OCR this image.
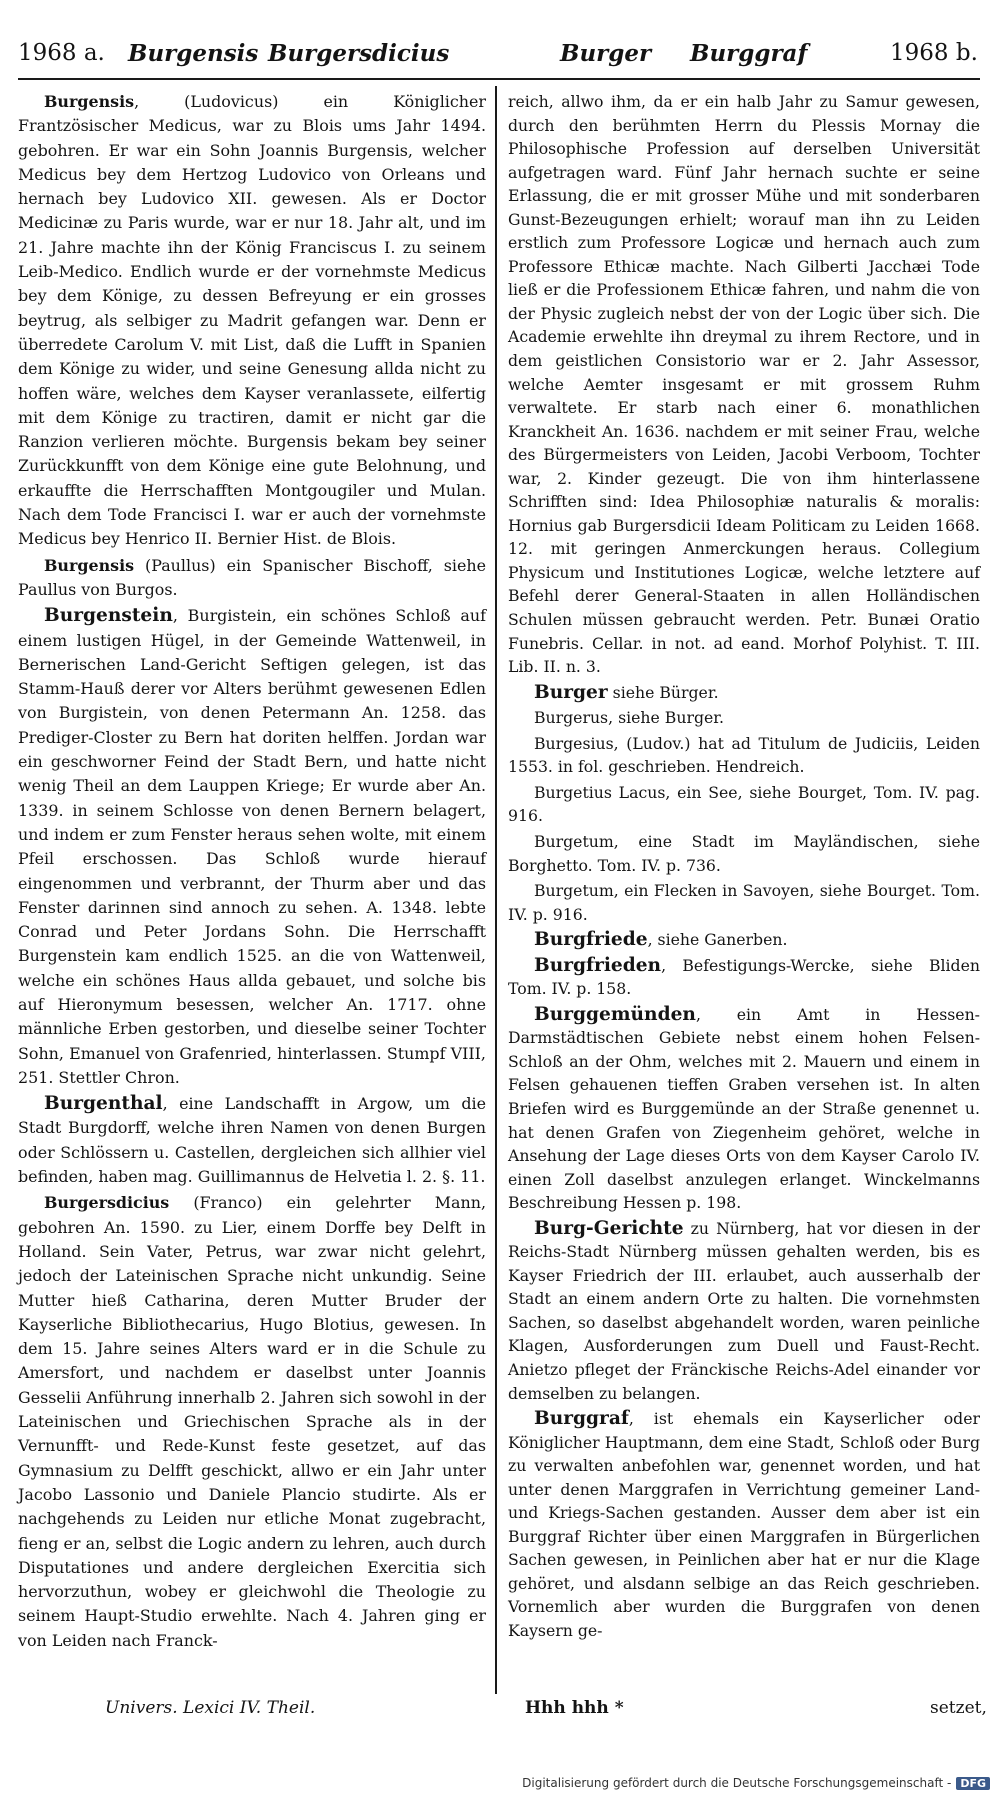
1968 a. Burgensis Burgersdicius	Burger Burggraf	1968 b.

Burgensis, (Ludovicus) ein Königlicher Frantzösischer Medicus, war zu Blois ums Jahr 1494. gebohren. Er war ein Sohn Joannis Burgensis, welcher Medicus bey dem Hertzog Ludovico von Orleans und hernach bey Ludovico XII. gewesen. Als er Doctor Medicinæ zu Paris wurde, war er nur 18. Jahr alt, und im 21. Jahre machte ihn der König Franciscus I. zu seinem Leib-Medico. Endlich wurde er der vornehmste Medicus bey dem Könige, zu dessen Befreyung er ein grosses beytrug, als selbiger zu Madrit gefangen war. Denn er überredete Carolum V. mit List, daß die Lufft in Spanien dem Könige zu wider, und seine Genesung allda nicht zu hoffen wäre, welches dem Kayser veranlassete, eilfertig mit dem Könige zu tractiren, damit er nicht gar die Ranzion verlieren möchte. Burgensis bekam bey seiner Zurückkunfft von dem Könige eine gute Belohnung, und erkauffte die Herrschafften Montgougiler und Mulan. Nach dem Tode Francisci I. war er auch der vornehmste Medicus bey Henrico II. Bernier Hist. de Blois.

Burgensis (Paullus) ein Spanischer Bischoff, siehe Paullus von Burgos.

Burgenstein, Burgistein, ein schönes Schloß auf einem lustigen Hügel, in der Gemeinde Wattenweil, in Bernerischen Land-Gericht Seftigen gelegen, ist das Stamm-Hauß derer vor Alters berühmt gewesenen Edlen von Burgistein, von denen Petermann An. 1258. das Prediger-Closter zu Bern hat doriten helffen. Jordan war ein geschworner Feind der Stadt Bern, und hatte nicht wenig Theil an dem Lauppen Kriege; Er wurde aber An. 1339. in seinem Schlosse von denen Bernern belagert, und indem er zum Fenster heraus sehen wolte, mit einem Pfeil erschossen. Das Schloß wurde hierauf eingenommen und verbrannt, der Thurm aber und das Fenster darinnen sind annoch zu sehen. A. 1348. lebte Conrad und Peter Jordans Sohn. Die Herrschafft Burgenstein kam endlich 1525. an die von Wattenweil, welche ein schönes Haus allda gebauet, und solche bis auf Hieronymum besessen, welcher An. 1717. ohne männliche Erben gestorben, und dieselbe seiner Tochter Sohn, Emanuel von Grafenried, hinterlassen. Stumpf VIII, 251. Stettler Chron.

Burgenthal, eine Landschafft in Argow, um die Stadt Burgdorff, welche ihren Namen von denen Burgen oder Schlössern u. Castellen, dergleichen sich allhier viel befinden, haben mag. Guillimannus de Helvetia l. 2. §. 11.

Burgersdicius (Franco) ein gelehrter Mann, gebohren An. 1590. zu Lier, einem Dorffe bey Delft in Holland. Sein Vater, Petrus, war zwar nicht gelehrt, jedoch der Lateinischen Sprache nicht unkundig. Seine Mutter hieß Catharina, deren Mutter Bruder der Kayserliche Bibliothecarius, Hugo Blotius, gewesen. In dem 15. Jahre seines Alters ward er in die Schule zu Amersfort, und nachdem er daselbst unter Joannis Gesselii Anführung innerhalb 2. Jahren sich sowohl in der Lateinischen und Griechischen Sprache als in der Vernunfft- und Rede-Kunst feste gesetzet, auf das Gymnasium zu Delfft geschickt, allwo er ein Jahr unter Jacobo Lassonio und Daniele Plancio studirte. Als er nachgehends zu Leiden nur etliche Monat zugebracht, fieng er an, selbst die Logic andern zu lehren, auch durch Disputationes und andere dergleichen Exercitia sich hervorzuthun, wobey er gleichwohl die Theologie zu seinem Haupt-Studio erwehlte. Nach 4. Jahren ging er von Leiden nach Franck-

reich, allwo ihm, da er ein halb Jahr zu Samur gewesen, durch den berühmten Herrn du Plessis Mornay die Philosophische Profession auf derselben Universität aufgetragen ward. Fünf Jahr hernach suchte er seine Erlassung, die er mit grosser Mühe und mit sonderbaren Gunst-Bezeugungen erhielt; worauf man ihn zu Leiden erstlich zum Professore Logicæ und hernach auch zum Professore Ethicæ machte. Nach Gilberti Jacchæi Tode ließ er die Professionem Ethicæ fahren, und nahm die von der Physic zugleich nebst der von der Logic über sich. Die Academie erwehlte ihn dreymal zu ihrem Rectore, und in dem geistlichen Consistorio war er 2. Jahr Assessor, welche Aemter insgesamt er mit grossem Ruhm verwaltete. Er starb nach einer 6. monathlichen Kranckheit An. 1636. nachdem er mit seiner Frau, welche des Bürgermeisters von Leiden, Jacobi Verboom, Tochter war, 2. Kinder gezeugt. Die von ihm hinterlassene Schrifften sind: Idea Philosophiæ naturalis & moralis: Hornius gab Burgersdicii Ideam Politicam zu Leiden 1668. 12. mit geringen Anmerckungen heraus. Collegium Physicum und Institutiones Logicæ, welche letztere auf Befehl derer General-Staaten in allen Holländischen Schulen müssen gebraucht werden. Petr. Bunæi Oratio Funebris. Cellar. in not. ad eand. Morhof Polyhist. T. III. Lib. II. n. 3.

Burger siehe Bürger.

Burgerus, siehe Burger.

Burgesius, (Ludov.) hat ad Titulum de Judiciis, Leiden 1553. in fol. geschrieben. Hendreich.

Burgetius Lacus, ein See, siehe Bourget, Tom. IV. pag. 916.

Burgetum, eine Stadt im Mayländischen, siehe Borghetto. Tom. IV. p. 736.

Burgetum, ein Flecken in Savoyen, siehe Bourget. Tom. IV. p. 916.

Burgfriede, siehe Ganerben.

Burgfrieden, Befestigungs-Wercke, siehe Bliden Tom. IV. p. 158.

Burggemünden, ein Amt in Hessen-Darmstädtischen Gebiete nebst einem hohen Felsen-Schloß an der Ohm, welches mit 2. Mauern und einem in Felsen gehauenen tieffen Graben versehen ist. In alten Briefen wird es Burggemünde an der Straße genennet u. hat denen Grafen von Ziegenheim gehöret, welche in Ansehung der Lage dieses Orts von dem Kayser Carolo IV. einen Zoll daselbst anzulegen erlanget. Winckelmanns Beschreibung Hessen p. 198.

Burg-Gerichte zu Nürnberg, hat vor diesen in der Reichs-Stadt Nürnberg müssen gehalten werden, bis es Kayser Friedrich der III. erlaubet, auch ausserhalb der Stadt an einem andern Orte zu halten. Die vornehmsten Sachen, so daselbst abgehandelt worden, waren peinliche Klagen, Ausforderungen zum Duell und Faust-Recht. Anietzo pfleget der Fränckische Reichs-Adel einander vor demselben zu belangen.

Burggraf, ist ehemals ein Kayserlicher oder Königlicher Hauptmann, dem eine Stadt, Schloß oder Burg zu verwalten anbefohlen war, genennet worden, und hat unter denen Marggrafen in Verrichtung gemeiner Land- und Kriegs-Sachen gestanden. Ausser dem aber ist ein Burggraf Richter über einen Marggrafen in Bürgerlichen Sachen gewesen, in Peinlichen aber hat er nur die Klage gehöret, und alsdann selbige an das Reich geschrieben. Vornemlich aber wurden die Burggrafen von denen Kaysern ge-

Univers. Lexici IV. Theil.	Hhh hhh *	setzet,
Digitalisierung gefördert durch die Deutsche Forschungsgemeinschaft - DFG
